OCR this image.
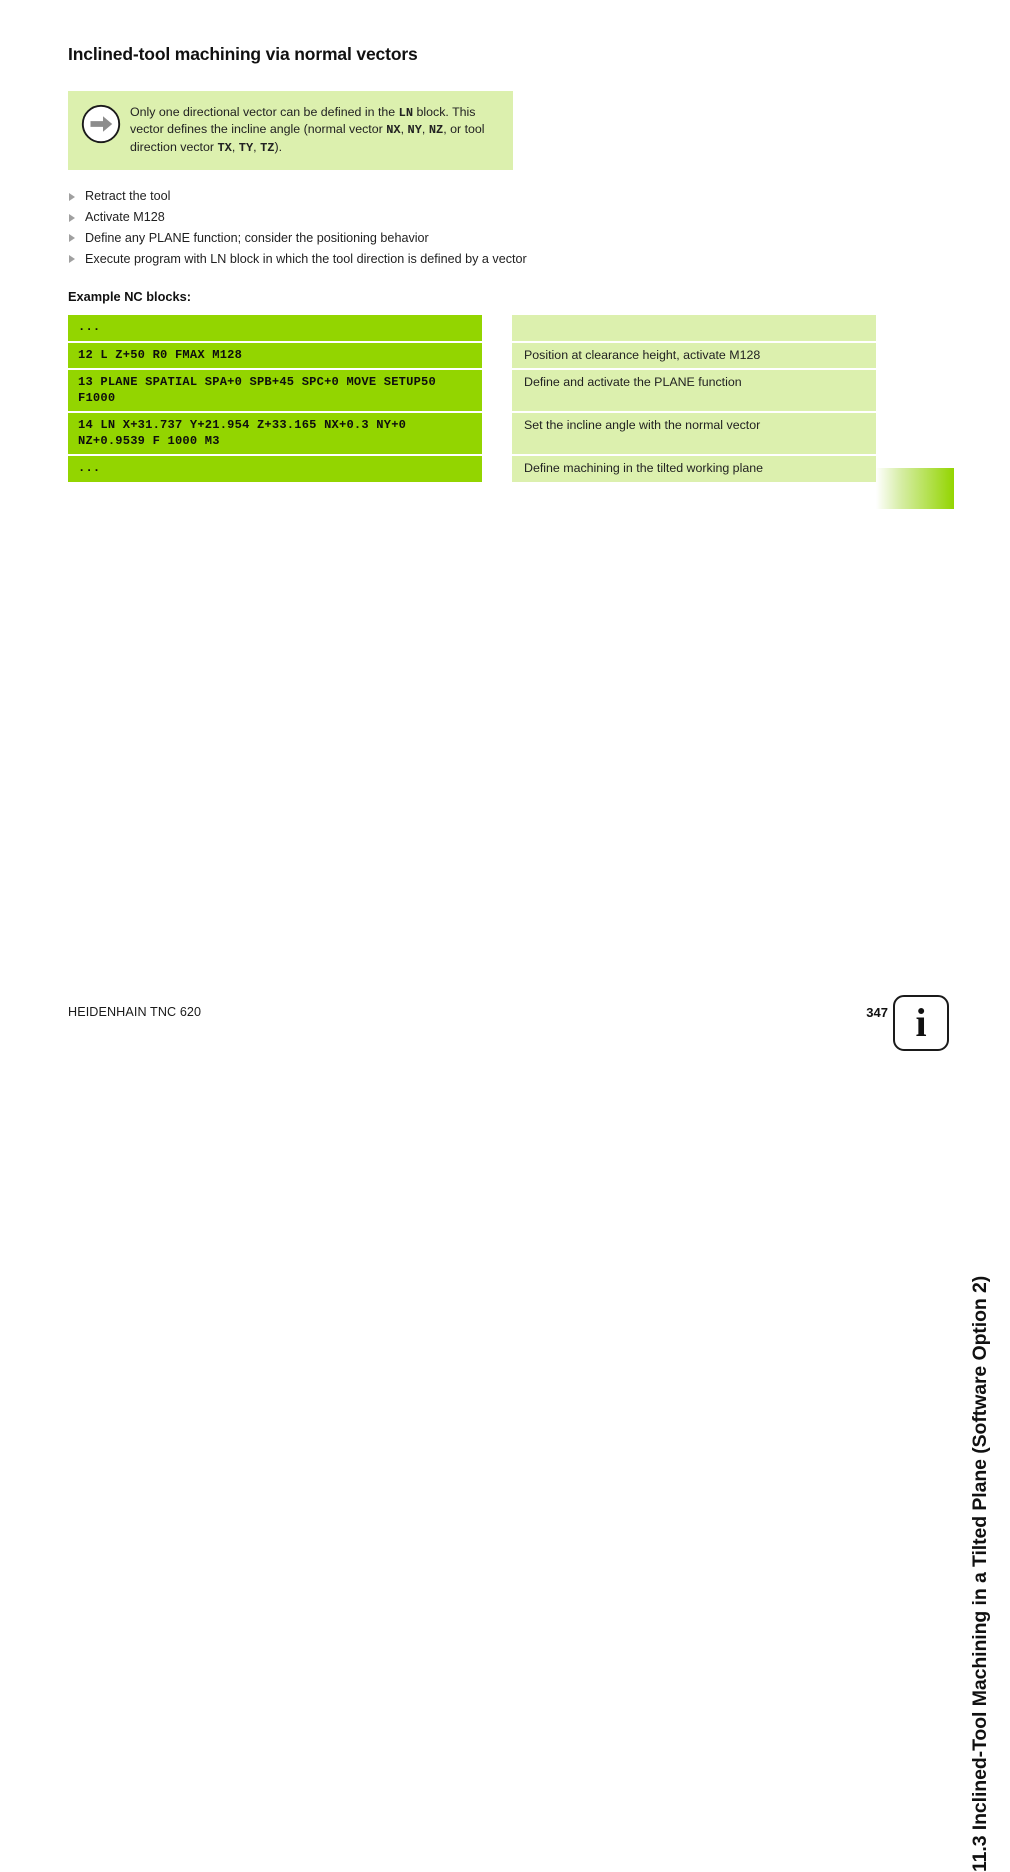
Inclined-tool machining via normal vectors
Only one directional vector can be defined in the LN block. This vector defines the incline angle (normal vector NX, NY, NZ, or tool direction vector TX, TY, TZ).
Retract the tool
Activate M128
Define any PLANE function; consider the positioning behavior
Execute program with LN block in which the tool direction is defined by a vector
Example NC blocks:
...	
12 L Z+50 R0 FMAX M128	Position at clearance height, activate M128
13 PLANE SPATIAL SPA+0 SPB+45 SPC+0 MOVE SETUP50 F1000	Define and activate the PLANE function
14 LN X+31.737 Y+21.954 Z+33.165 NX+0.3 NY+0 NZ+0.9539 F 1000 M3	Set the incline angle with the normal vector
...	Define machining in the tilted working plane
11.3 Inclined-Tool Machining in a Tilted Plane (Software Option 2)
HEIDENHAIN TNC 620	347 i
